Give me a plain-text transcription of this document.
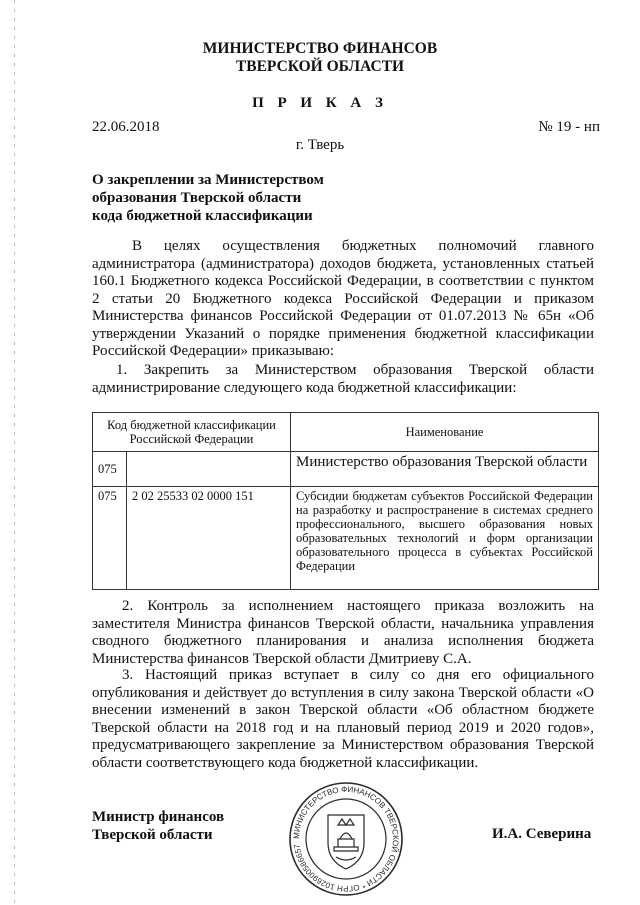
МИНИСТЕРСТВО ФИНАНСОВ
ТВЕРСКОЙ ОБЛАСТИ
П Р И К А З
22.06.2018	№ 19 - нп
г. Тверь
О закреплении за Министерством
образования Тверской области
кода бюджетной классификации
В целях осуществления бюджетных полномочий главного администратора (администратора) доходов бюджета, установленных статьей 160.1 Бюджетного кодекса Российской Федерации, в соответствии с пунктом 2 статьи 20 Бюджетного кодекса Российской Федерации и приказом Министерства финансов Российской Федерации от 01.07.2013 № 65н «Об утверждении Указаний о порядке применения бюджетной классификации Российской Федерации» приказываю:
1. Закрепить за Министерством образования Тверской области администрирование следующего кода бюджетной классификации:
Код бюджетной классификации Российской Федерации		Наименование

075		Министерство образования Тверской области
075	2 02 25533 02 0000 151	Субсидии бюджетам субъектов Российской Федерации на разработку и распространение в системах среднего профессионального, высшего образования новых образовательных технологий и форм организации образовательного процесса в субъектах Российской Федерации
2. Контроль за исполнением настоящего приказа возложить на заместителя Министра финансов Тверской области, начальника управления сводного бюджетного планирования и анализа исполнения бюджета Министерства финансов Тверской области Дмитриеву С.А.
3. Настоящий приказ вступает в силу со дня его официального опубликования и действует до вступления в силу закона Тверской области «О внесении изменений в закон Тверской области «Об областном бюджете Тверской области на 2018 год и на плановый период 2019 и 2020 годов», предусматривающего закрепление за Министерством образования Тверской области соответствующего кода бюджетной классификации.
Министр финансов
Тверской области	МИНИСТЕРСТВО ФИНАНСОВ ТВЕРСКОЙ ОБЛАСТИ * ОГРН 1026900586657
И.А. Северина
